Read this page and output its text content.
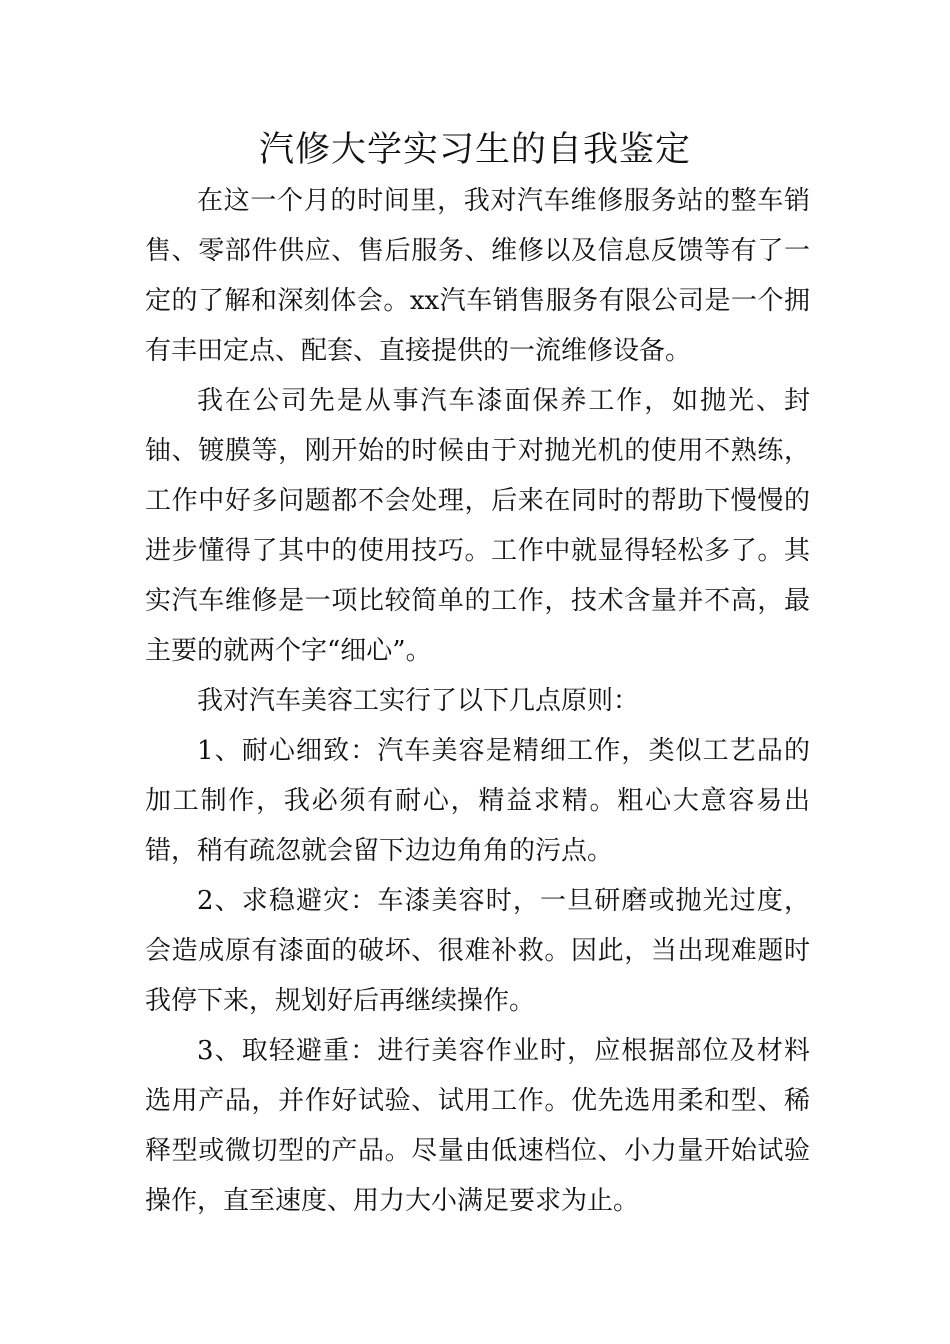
汽修大学实习生的自我鉴定

在这一个月的时间里，我对汽车维修服务站的整车销售、零部件供应、售后服务、维修以及信息反馈等有了一定的了解和深刻体会。xx汽车销售服务有限公司是一个拥有丰田定点、配套、直接提供的一流维修设备。

我在公司先是从事汽车漆面保养工作，如抛光、封铀、镀膜等，刚开始的时候由于对抛光机的使用不熟练，工作中好多问题都不会处理，后来在同时的帮助下慢慢的进步懂得了其中的使用技巧。工作中就显得轻松多了。其实汽车维修是一项比较简单的工作，技术含量并不高，最主要的就两个字“细心”。

我对汽车美容工实行了以下几点原则：

1、耐心细致：汽车美容是精细工作，类似工艺品的加工制作，我必须有耐心，精益求精。粗心大意容易出错，稍有疏忽就会留下边边角角的污点。

2、求稳避灾：车漆美容时，一旦研磨或抛光过度，会造成原有漆面的破坏、很难补救。因此，当出现难题时我停下来，规划好后再继续操作。

3、取轻避重：进行美容作业时，应根据部位及材料选用产品，并作好试验、试用工作。优先选用柔和型、稀释型或微切型的产品。尽量由低速档位、小力量开始试验操作，直至速度、用力大小满足要求为止。
